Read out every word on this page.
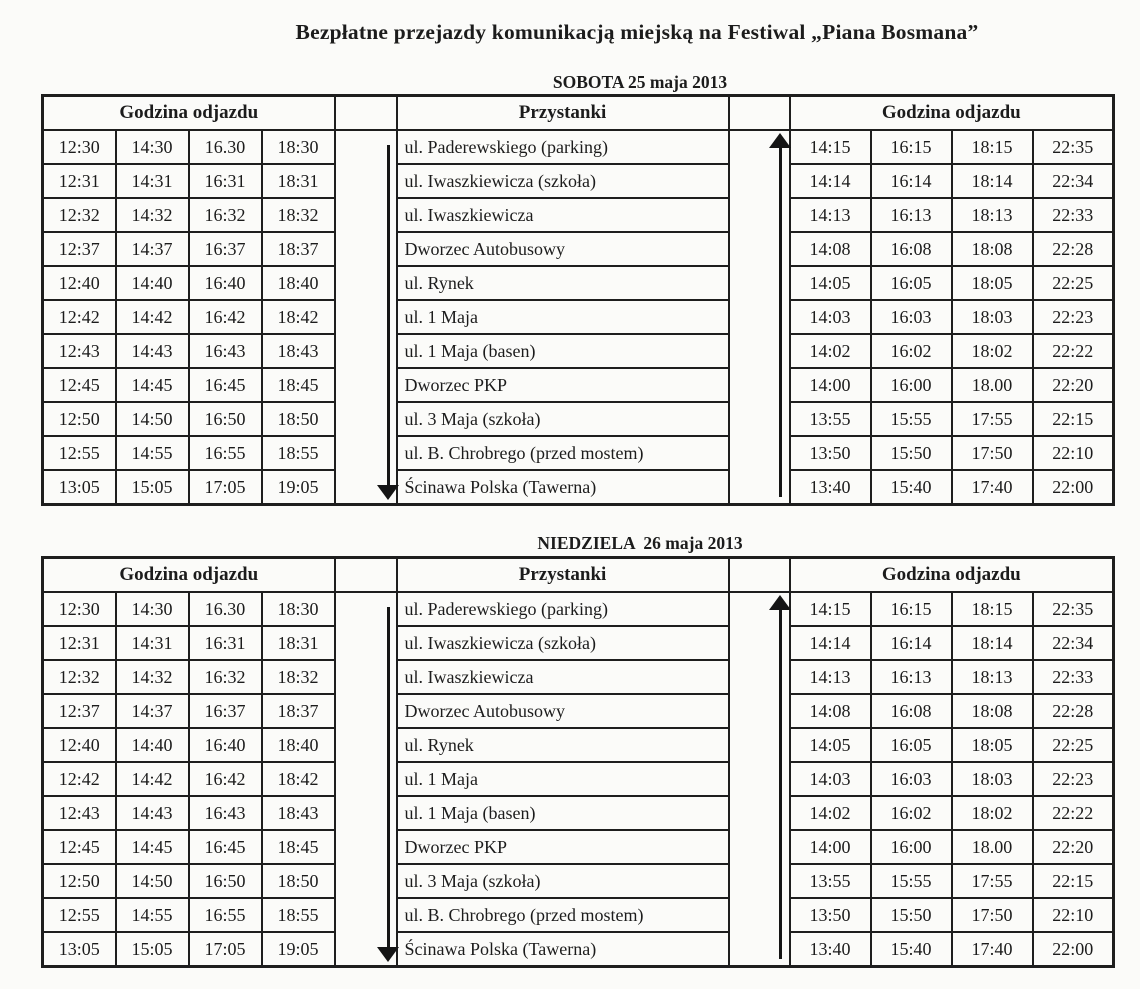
Bezpłatne przejazdy komunikacją miejską na Festiwal „Piana Bosmana”
SOBOTA 25 maja 2013
Godzina odjazdu					Przystanki		Godzina odjazdu			
12:30	14:30	16.30	18:30		ul. Paderewskiego (parking)		14:15	16:15	18:15	22:35
12:31	14:31	16:31	18:31		ul. Iwaszkiewicza (szkoła)		14:14	16:14	18:14	22:34
12:32	14:32	16:32	18:32		ul. Iwaszkiewicza		14:13	16:13	18:13	22:33
12:37	14:37	16:37	18:37		Dworzec Autobusowy		14:08	16:08	18:08	22:28
12:40	14:40	16:40	18:40		ul. Rynek		14:05	16:05	18:05	22:25
12:42	14:42	16:42	18:42		ul. 1 Maja		14:03	16:03	18:03	22:23
12:43	14:43	16:43	18:43		ul. 1 Maja (basen)		14:02	16:02	18:02	22:22
12:45	14:45	16:45	18:45		Dworzec PKP		14:00	16:00	18.00	22:20
12:50	14:50	16:50	18:50		ul. 3 Maja (szkoła)		13:55	15:55	17:55	22:15
12:55	14:55	16:55	18:55		ul. B. Chrobrego (przed mostem)		13:50	15:50	17:50	22:10
13:05	15:05	17:05	19:05		Ścinawa Polska (Tawerna)		13:40	15:40	17:40	22:00
NIEDZIELA  26 maja 2013
Godzina odjazdu					Przystanki		Godzina odjazdu			
12:30	14:30	16.30	18:30		ul. Paderewskiego (parking)		14:15	16:15	18:15	22:35
12:31	14:31	16:31	18:31		ul. Iwaszkiewicza (szkoła)		14:14	16:14	18:14	22:34
12:32	14:32	16:32	18:32		ul. Iwaszkiewicza		14:13	16:13	18:13	22:33
12:37	14:37	16:37	18:37		Dworzec Autobusowy		14:08	16:08	18:08	22:28
12:40	14:40	16:40	18:40		ul. Rynek		14:05	16:05	18:05	22:25
12:42	14:42	16:42	18:42		ul. 1 Maja		14:03	16:03	18:03	22:23
12:43	14:43	16:43	18:43		ul. 1 Maja (basen)		14:02	16:02	18:02	22:22
12:45	14:45	16:45	18:45		Dworzec PKP		14:00	16:00	18.00	22:20
12:50	14:50	16:50	18:50		ul. 3 Maja (szkoła)		13:55	15:55	17:55	22:15
12:55	14:55	16:55	18:55		ul. B. Chrobrego (przed mostem)		13:50	15:50	17:50	22:10
13:05	15:05	17:05	19:05		Ścinawa Polska (Tawerna)		13:40	15:40	17:40	22:00
